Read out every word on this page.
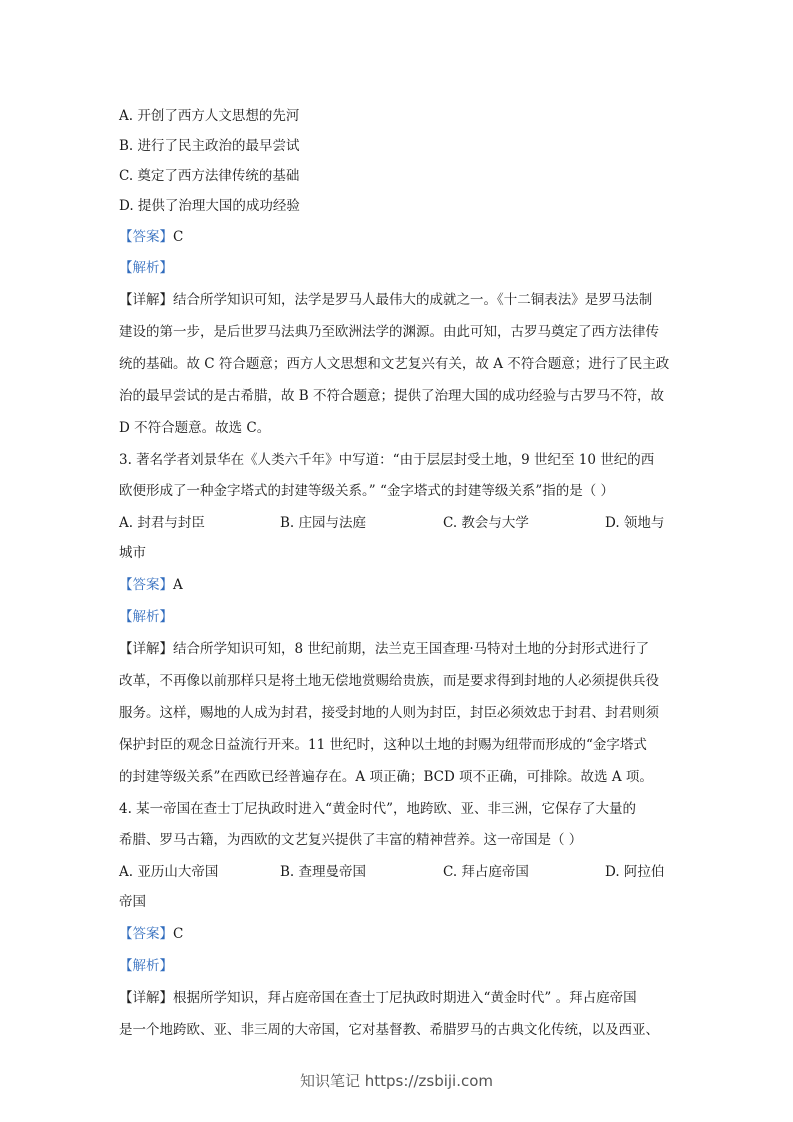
A. 开创了西方人文思想的先河
B. 进行了民主政治的最早尝试
C. 奠定了西方法律传统的基础
D. 提供了治理大国的成功经验
【答案】C
【解析】
【详解】结合所学知识可知，法学是罗马人最伟大的成就之一。《十二铜表法》是罗马法制
建设的第一步，是后世罗马法典乃至欧洲法学的渊源。由此可知，古罗马奠定了西方法律传
统的基础。故 C 符合题意；西方人文思想和文艺复兴有关，故 A 不符合题意；进行了民主政
治的最早尝试的是古希腊，故 B 不符合题意；提供了治理大国的成功经验与古罗马不符，故
D 不符合题意。故选 C。
3. 著名学者刘景华在《人类六千年》中写道：“由于层层封受土地，9 世纪至 10 世纪的西
欧便形成了一种金字塔式的封建等级关系。” “金字塔式的封建等级关系”指的是（ ）
A. 封君与封臣	B. 庄园与法庭	C. 教会与大学	D. 领地与
城市
【答案】A
【解析】
【详解】结合所学知识可知，8 世纪前期，法兰克王国查理·马特对土地的分封形式进行了
改革，不再像以前那样只是将土地无偿地赏赐给贵族，而是要求得到封地的人必须提供兵役
服务。这样，赐地的人成为封君，接受封地的人则为封臣，封臣必须效忠于封君、封君则须
保护封臣的观念日益流行开来。11 世纪时，这种以土地的封赐为纽带而形成的“金字塔式
的封建等级关系”在西欧已经普遍存在。A 项正确；BCD 项不正确，可排除。故选 A 项。
4. 某一帝国在查士丁尼执政时进入“黄金时代”，地跨欧、亚、非三洲，它保存了大量的
希腊、罗马古籍，为西欧的文艺复兴提供了丰富的精神营养。这一帝国是（ ）
A. 亚历山大帝国	B. 查理曼帝国	C. 拜占庭帝国	D. 阿拉伯
帝国
【答案】C
【解析】
【详解】根据所学知识，拜占庭帝国在查士丁尼执政时期进入“黄金时代” 。拜占庭帝国
是一个地跨欧、亚、非三周的大帝国，它对基督教、希腊罗马的古典文化传统，以及西亚、
知识笔记 https://zsbiji.com
